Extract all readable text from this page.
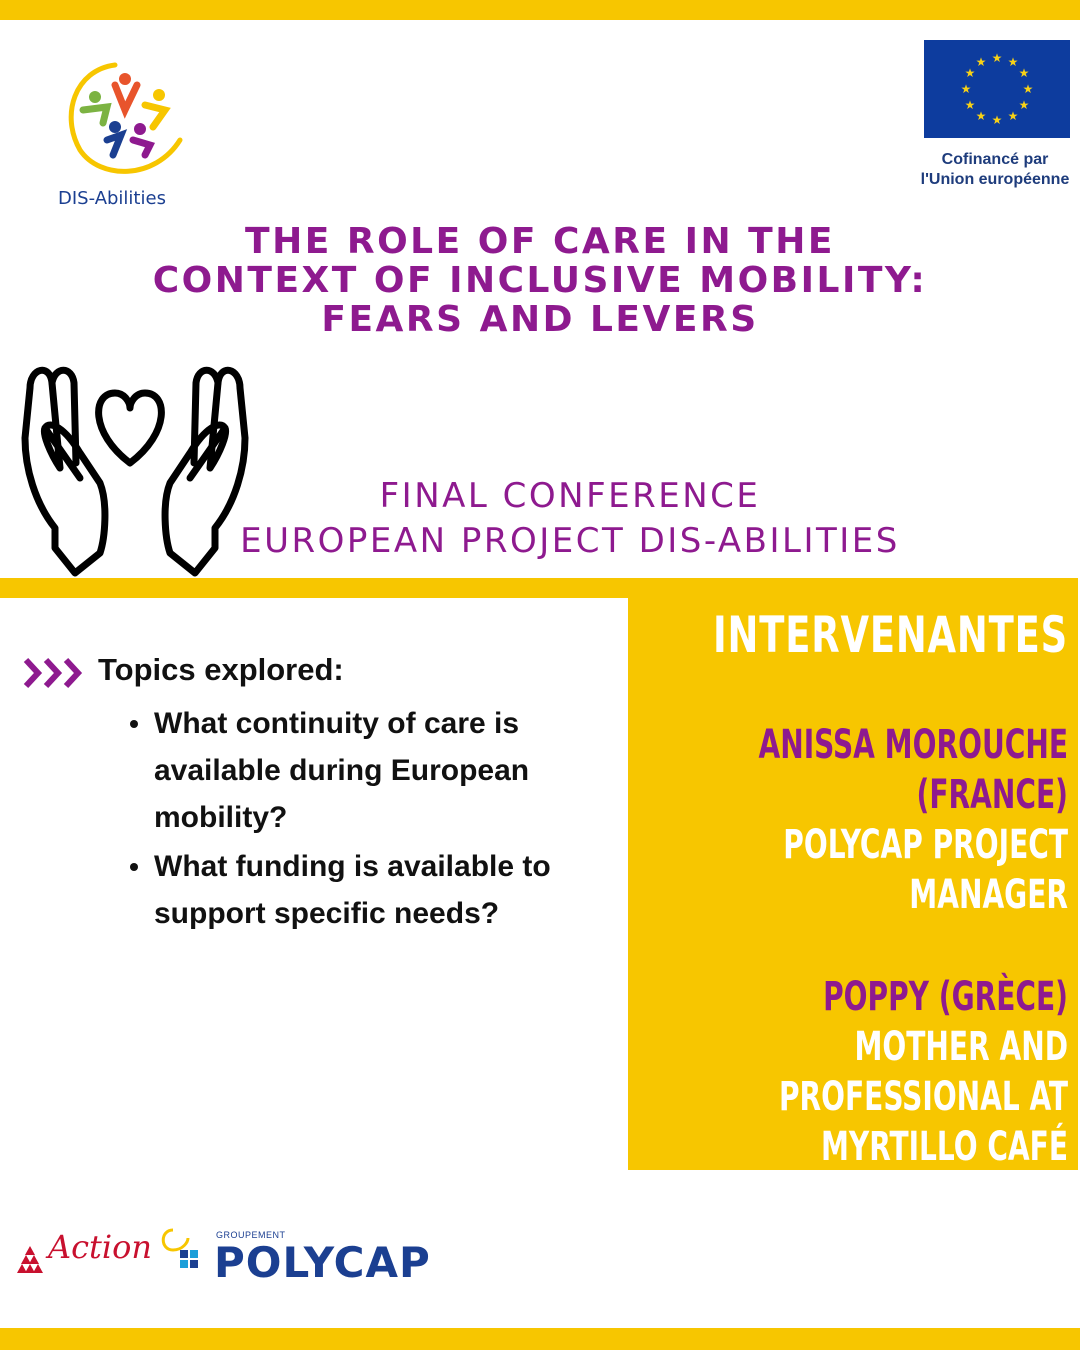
DIS-Abilities
★ ★
★
★
★
★
★
★
★
★
★
★
Cofinancé par
l'Union européenne
THE ROLE OF CARE IN THE
CONTEXT OF INCLUSIVE MOBILITY:
FEARS AND LEVERS
FINAL CONFERENCE
EUROPEAN PROJECT DIS-ABILITIES
INTERVENANTES
ANISSA MOROUCHE
(FRANCE)
POLYCAP PROJECT
MANAGER
POPPY (GRÈCE)
MOTHER AND
PROFESSIONAL AT
MYRTILLO CAFÉ
Topics explored:
What continuity of care is available during European mobility?
What funding is available to support specific needs?
Action	GROUPEMENT
POLYCAP
